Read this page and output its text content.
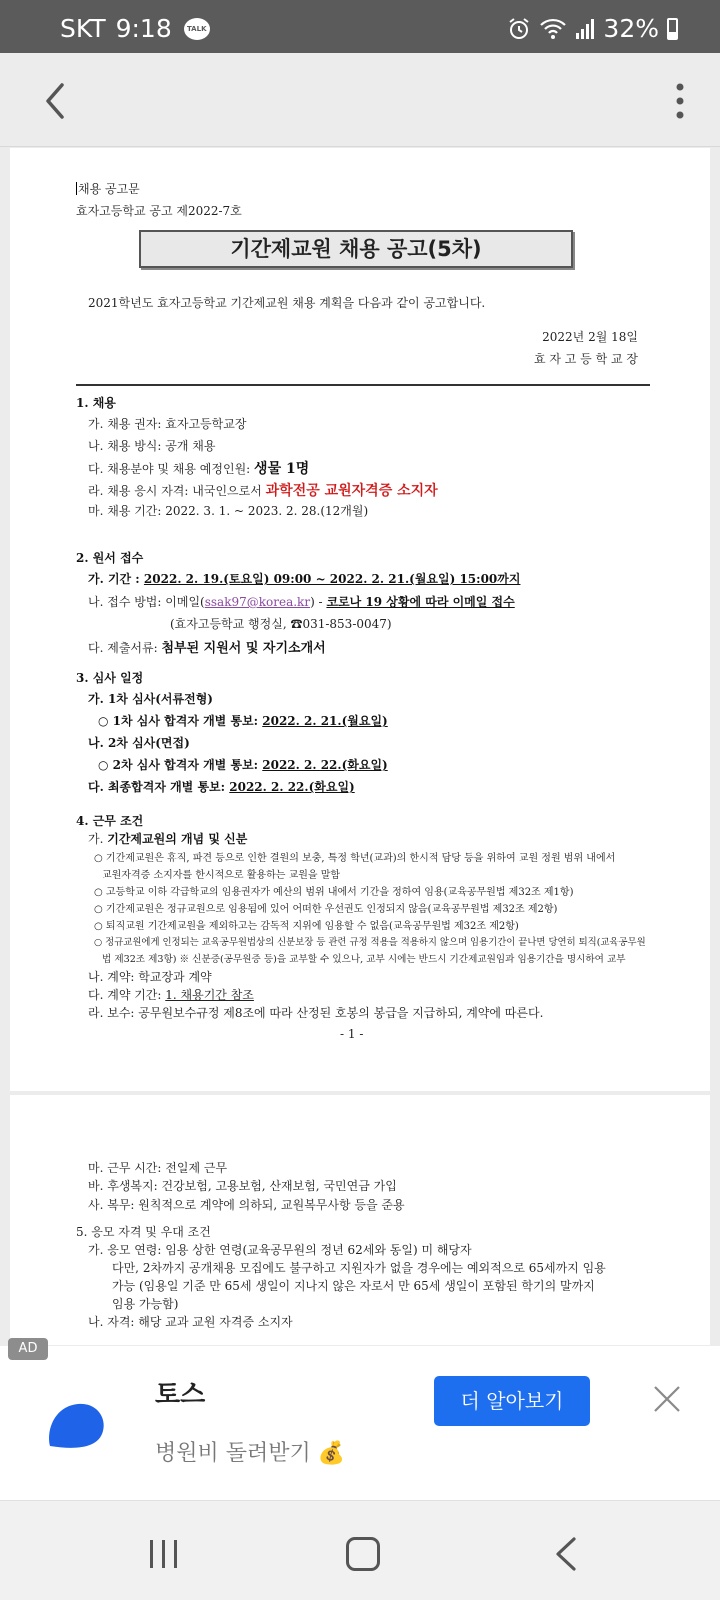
SKT 9:18 TALK	32%
채용 공고문
효자고등학교 공고 제2022-7호
기간제교원 채용 공고(5차)
2021학년도 효자고등학교 기간제교원 채용 계획을 다음과 같이 공고합니다.
2022년 2월 18일
효 자 고 등 학 교 장
1. 채용
가. 채용 권자: 효자고등학교장
나. 채용 방식: 공개 채용
다. 채용분야 및 채용 예정인원: 생물 1명
라. 채용 응시 자격: 내국인으로서 과학전공 교원자격증 소지자
마. 채용 기간: 2022. 3. 1. ~ 2023. 2. 28.(12개월)
2. 원서 접수
가. 기간 : 2022. 2. 19.(토요일) 09:00 ~ 2022. 2. 21.(월요일) 15:00까지
나. 접수 방법: 이메일(ssak97@korea.kr) - 코로나 19 상황에 따라 이메일 접수
(효자고등학교 행정실, ☎031-853-0047)
다. 제출서류: 첨부된 지원서 및 자기소개서
3. 심사 일정
가. 1차 심사(서류전형)
○ 1차 심사 합격자 개별 통보: 2022. 2. 21.(월요일)
나. 2차 심사(면접)
○ 2차 심사 합격자 개별 통보: 2022. 2. 22.(화요일)
다. 최종합격자 개별 통보: 2022. 2. 22.(화요일)
4. 근무 조건
가. 기간제교원의 개념 및 신분
○ 기간제교원은 휴직, 파견 등으로 인한 결원의 보충, 특정 학년(교과)의 한시적 담당 등을 위하여 교원 정원 범위 내에서
교원자격증 소지자를 한시적으로 활용하는 교원을 말함
○ 고등학교 이하 각급학교의 임용권자가 예산의 범위 내에서 기간을 정하여 임용(교육공무원법 제32조 제1항)
○ 기간제교원은 정규교원으로 임용됨에 있어 어떠한 우선권도 인정되지 않음(교육공무원법 제32조 제2항)
○ 퇴직교원 기간제교원을 제외하고는 감독적 지위에 임용할 수 없음(교육공무원법 제32조 제2항)
○ 정규교원에게 인정되는 교육공무원법상의 신분보장 등 관련 규정 적용을 적용하지 않으며 임용기간이 끝나면 당연히 퇴직(교육공무원
법 제32조 제3항) ※ 신분증(공무원증 등)을 교부할 수 있으나, 교부 시에는 반드시 기간제교원임과 임용기간을 명시하여 교부
나. 계약: 학교장과 계약
다. 계약 기간: 1. 채용기간 참조
라. 보수: 공무원보수규정 제8조에 따라 산정된 호봉의 봉급을 지급하되, 계약에 따른다.
- 1 -
마. 근무 시간: 전일제 근무
바. 후생복지: 건강보험, 고용보험, 산재보험, 국민연금 가입
사. 복무: 원칙적으로 계약에 의하되, 교원복무사항 등을 준용
5. 응모 자격 및 우대 조건
가. 응모 연령: 임용 상한 연령(교육공무원의 정년 62세와 동일) 미 해당자
다만, 2차까지 공개채용 모집에도 불구하고 지원자가 없을 경우에는 예외적으로 65세까지 임용
가능 (임용일 기준 만 65세 생일이 지나지 않은 자로서 만 65세 생일이 포함된 학기의 말까지
임용 가능함)
나. 자격: 해당 교과 교원 자격증 소지자
AD
토스
병원비 돌려받기 💰
더 알아보기
